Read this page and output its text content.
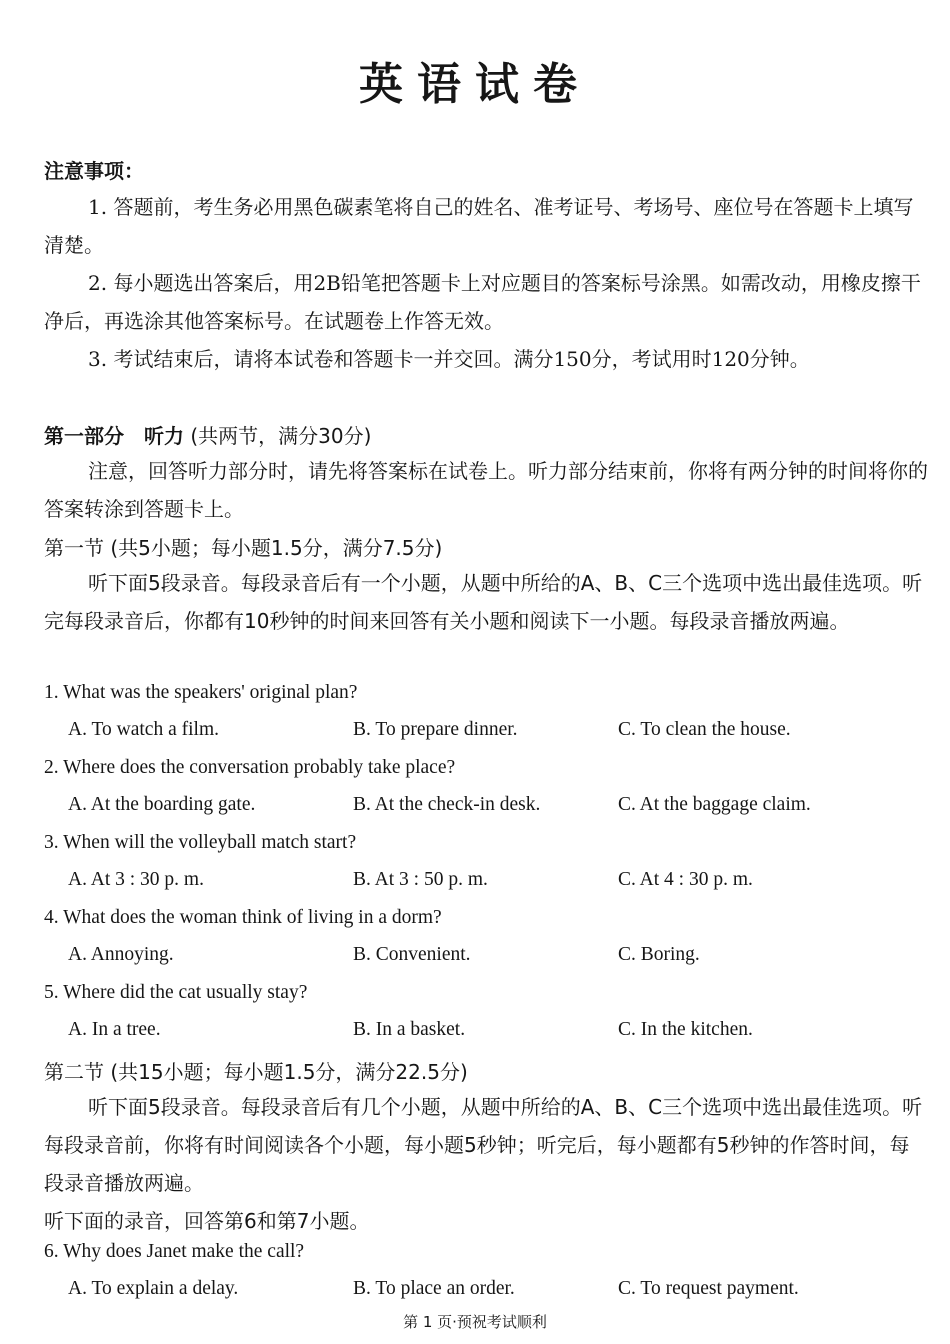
英语试卷
注意事项：
1. 答题前，考生务必用黑色碳素笔将自己的姓名、准考证号、考场号、座位号在答题卡上填写清楚。
2. 每小题选出答案后，用2B铅笔把答题卡上对应题目的答案标号涂黑。如需改动，用橡皮擦干净后，再选涂其他答案标号。在试题卷上作答无效。
3. 考试结束后，请将本试卷和答题卡一并交回。满分150分，考试用时120分钟。
第一部分　听力 (共两节，满分30分)
注意，回答听力部分时，请先将答案标在试卷上。听力部分结束前，你将有两分钟的时间将你的答案转涂到答题卡上。
第一节 (共5小题；每小题1.5分，满分7.5分)
听下面5段录音。每段录音后有一个小题，从题中所给的A、B、C三个选项中选出最佳选项。听完每段录音后，你都有10秒钟的时间来回答有关小题和阅读下一小题。每段录音播放两遍。
1. What was the speakers' original plan?
A. To watch a film.	B. To prepare dinner.	C. To clean the house.
2. Where does the conversation probably take place?
A. At the boarding gate.	B. At the check-in desk.	C. At the baggage claim.
3. When will the volleyball match start?
A. At 3 : 30 p. m.	B. At 3 : 50 p. m.	C. At 4 : 30 p. m.
4. What does the woman think of living in a dorm?
A. Annoying.	B. Convenient.	C. Boring.
5. Where did the cat usually stay?
A. In a tree.	B. In a basket.	C. In the kitchen.
第二节 (共15小题；每小题1.5分，满分22.5分)
听下面5段录音。每段录音后有几个小题，从题中所给的A、B、C三个选项中选出最佳选项。听每段录音前，你将有时间阅读各个小题，每小题5秒钟；听完后，每小题都有5秒钟的作答时间，每段录音播放两遍。
听下面的录音，回答第6和第7小题。
6. Why does Janet make the call?
A. To explain a delay.	B. To place an order.	C. To request payment.
第 1 页·预祝考试顺利
